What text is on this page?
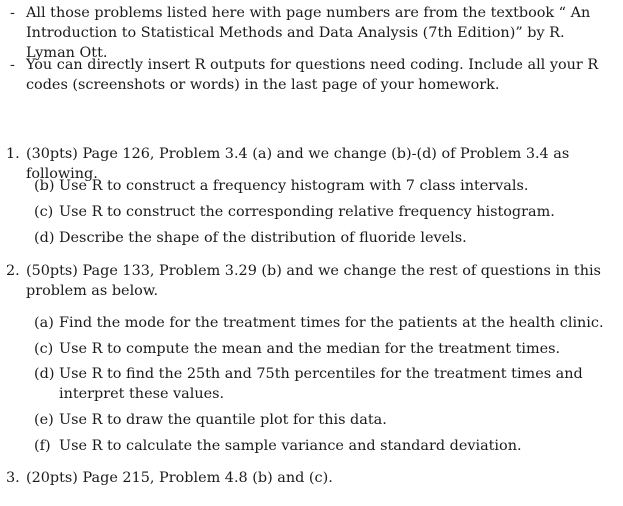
- All those problems listed here with page numbers are from the textbook “ An Introduction to Statistical Methods and Data Analysis (7th Edition)” by R. Lyman Ott.
- You can directly insert R outputs for questions need coding. Include all your R codes (screenshots or words) in the last page of your homework.
1. (30pts) Page 126, Problem 3.4 (a) and we change (b)-(d) of Problem 3.4 as following.
(b) Use R to construct a frequency histogram with 7 class intervals.
(c) Use R to construct the corresponding relative frequency histogram.
(d) Describe the shape of the distribution of fluoride levels.
2. (50pts) Page 133, Problem 3.29 (b) and we change the rest of questions in this problem as below.
(a) Find the mode for the treatment times for the patients at the health clinic.
(c) Use R to compute the mean and the median for the treatment times.
(d) Use R to find the 25th and 75th percentiles for the treatment times and interpret these values.
(e) Use R to draw the quantile plot for this data.
(f) Use R to calculate the sample variance and standard deviation.
3. (20pts) Page 215, Problem 4.8 (b) and (c).
